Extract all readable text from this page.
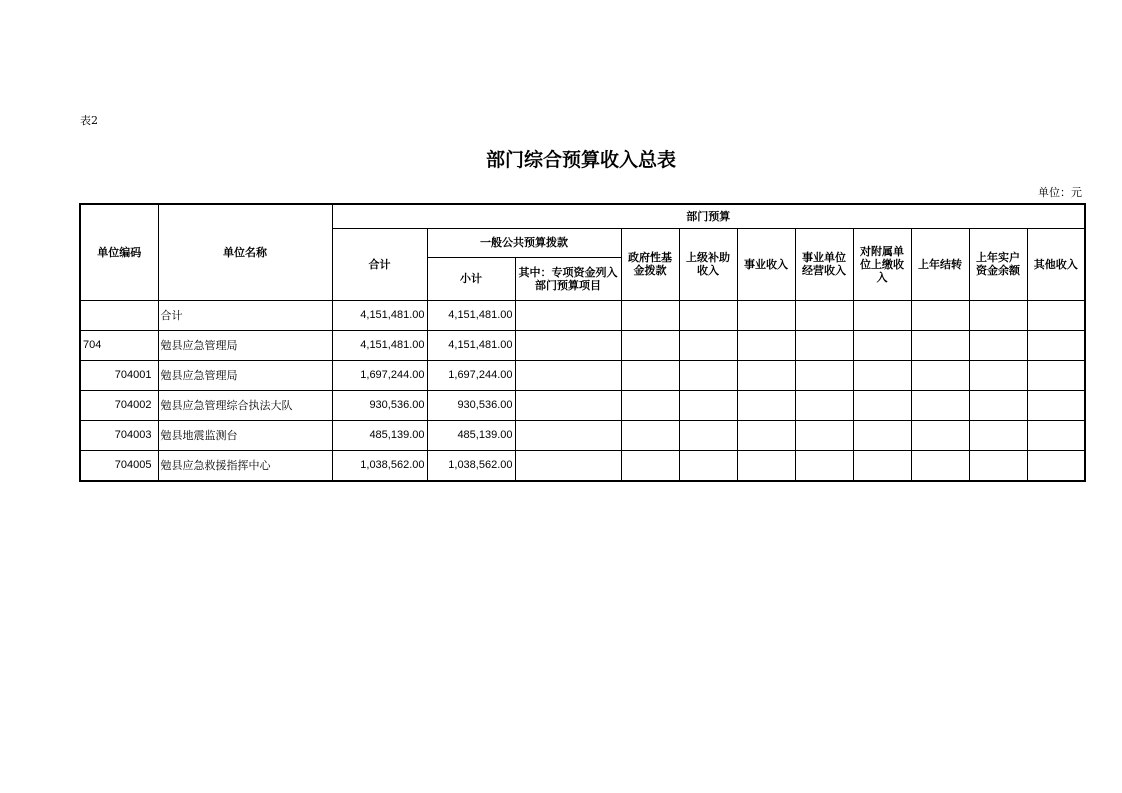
表2
部门综合预算收入总表
单位：元
单位编码	单位名称	部门预算										
		合计	一般公共预算拨款		政府性基金拨款	上级补助收入	事业收入	事业单位经营收入	对附属单位上缴收入	上年结转	上年实户资金余额	其他收入
			小计	其中：专项资金列入部门预算项目								
	合计	4,151,481.00	4,151,481.00									
704	勉县应急管理局	4,151,481.00	4,151,481.00									
704001	勉县应急管理局	1,697,244.00	1,697,244.00									
704002	勉县应急管理综合执法大队	930,536.00	930,536.00									
704003	勉县地震监测台	485,139.00	485,139.00									
704005	勉县应急救援指挥中心	1,038,562.00	1,038,562.00									
